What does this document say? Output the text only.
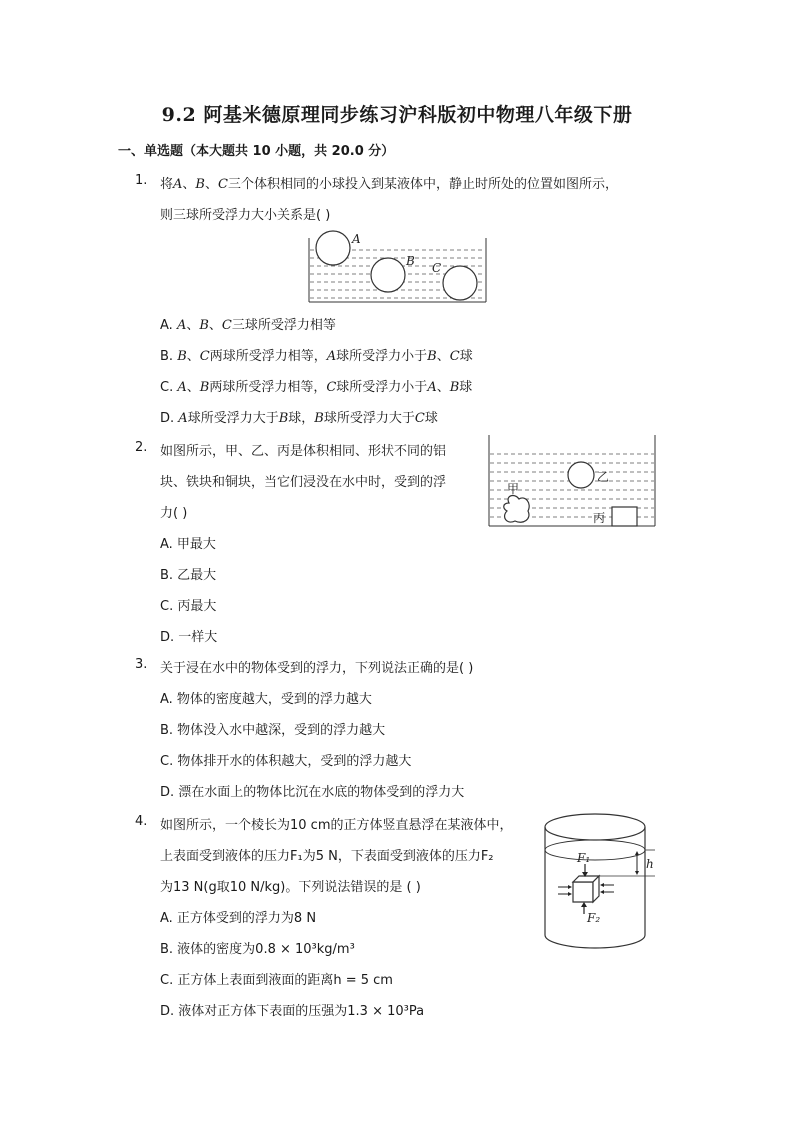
9.2 阿基米德原理同步练习沪科版初中物理八年级下册
一、单选题（本大题共 10 小题，共 20.0 分）
1. 将A、B、C三个体积相同的小球投入到某液体中，静止时所处的位置如图所示，
则三球所受浮力大小关系是( )
A
B C
A. A、B、C三球所受浮力相等
B. B、C两球所受浮力相等，A球所受浮力小于B、C球
C. A、B两球所受浮力相等，C球所受浮力小于A、B球
D. A球所受浮力大于B球，B球所受浮力大于C球
2. 如图所示，甲、乙、丙是体积相同、形状不同的铝
块、铁块和铜块，当它们浸没在水中时，受到的浮
力( )
甲
乙
丙
A. 甲最大
B. 乙最大
C. 丙最大
D. 一样大
3. 关于浸在水中的物体受到的浮力，下列说法正确的是( )
A. 物体的密度越大，受到的浮力越大
B. 物体没入水中越深，受到的浮力越大
C. 物体排开水的体积越大，受到的浮力越大
D. 漂在水面上的物体比沉在水底的物体受到的浮力大
4. 如图所示，一个棱长为10 cm的正方体竖直悬浮在某液体中，
上表面受到液体的压力F₁为5 N，下表面受到液体的压力F₂
为13 N(g取10 N/kg)。下列说法错误的是 ( )
F₁
F₂
h
A. 正方体受到的浮力为8 N
B. 液体的密度为0.8 × 10³kg/m³
C. 正方体上表面到液面的距离h = 5 cm
D. 液体对正方体下表面的压强为1.3 × 10³Pa
